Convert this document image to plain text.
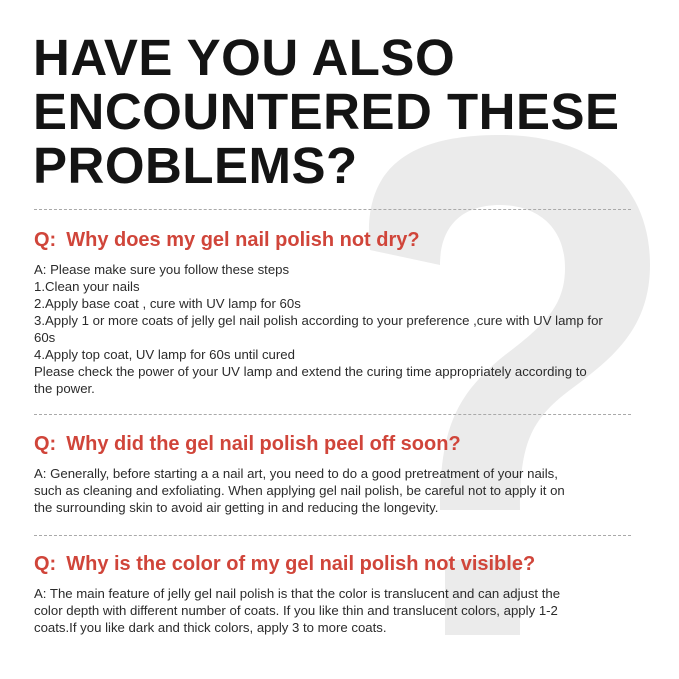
HAVE YOU ALSO
ENCOUNTERED THESE
PROBLEMS?
Q: Why does my gel nail polish not dry?
A: Please make sure you follow these steps
1.Clean your nails
2.Apply base coat , cure with UV lamp for 60s
3.Apply 1 or more coats of jelly gel nail polish according to your preference ,cure with UV lamp for
60s
4.Apply top coat, UV lamp for 60s until cured
Please check the power of your UV lamp and extend the curing time appropriately according to
the power.
Q: Why did the gel nail polish peel off soon?
A: Generally, before starting a a nail art, you need to do a good pretreatment of your nails,
such as cleaning and exfoliating. When applying gel nail polish, be careful not to apply it on
the surrounding skin to avoid air getting in and reducing the longevity.
Q: Why is the color of my gel nail polish not visible?
A: The main feature of jelly gel nail polish is that the color is translucent and can adjust the
color depth with different number of coats. If you like thin and translucent colors, apply 1-2
coats.If you like dark and thick colors, apply 3 to more coats.
